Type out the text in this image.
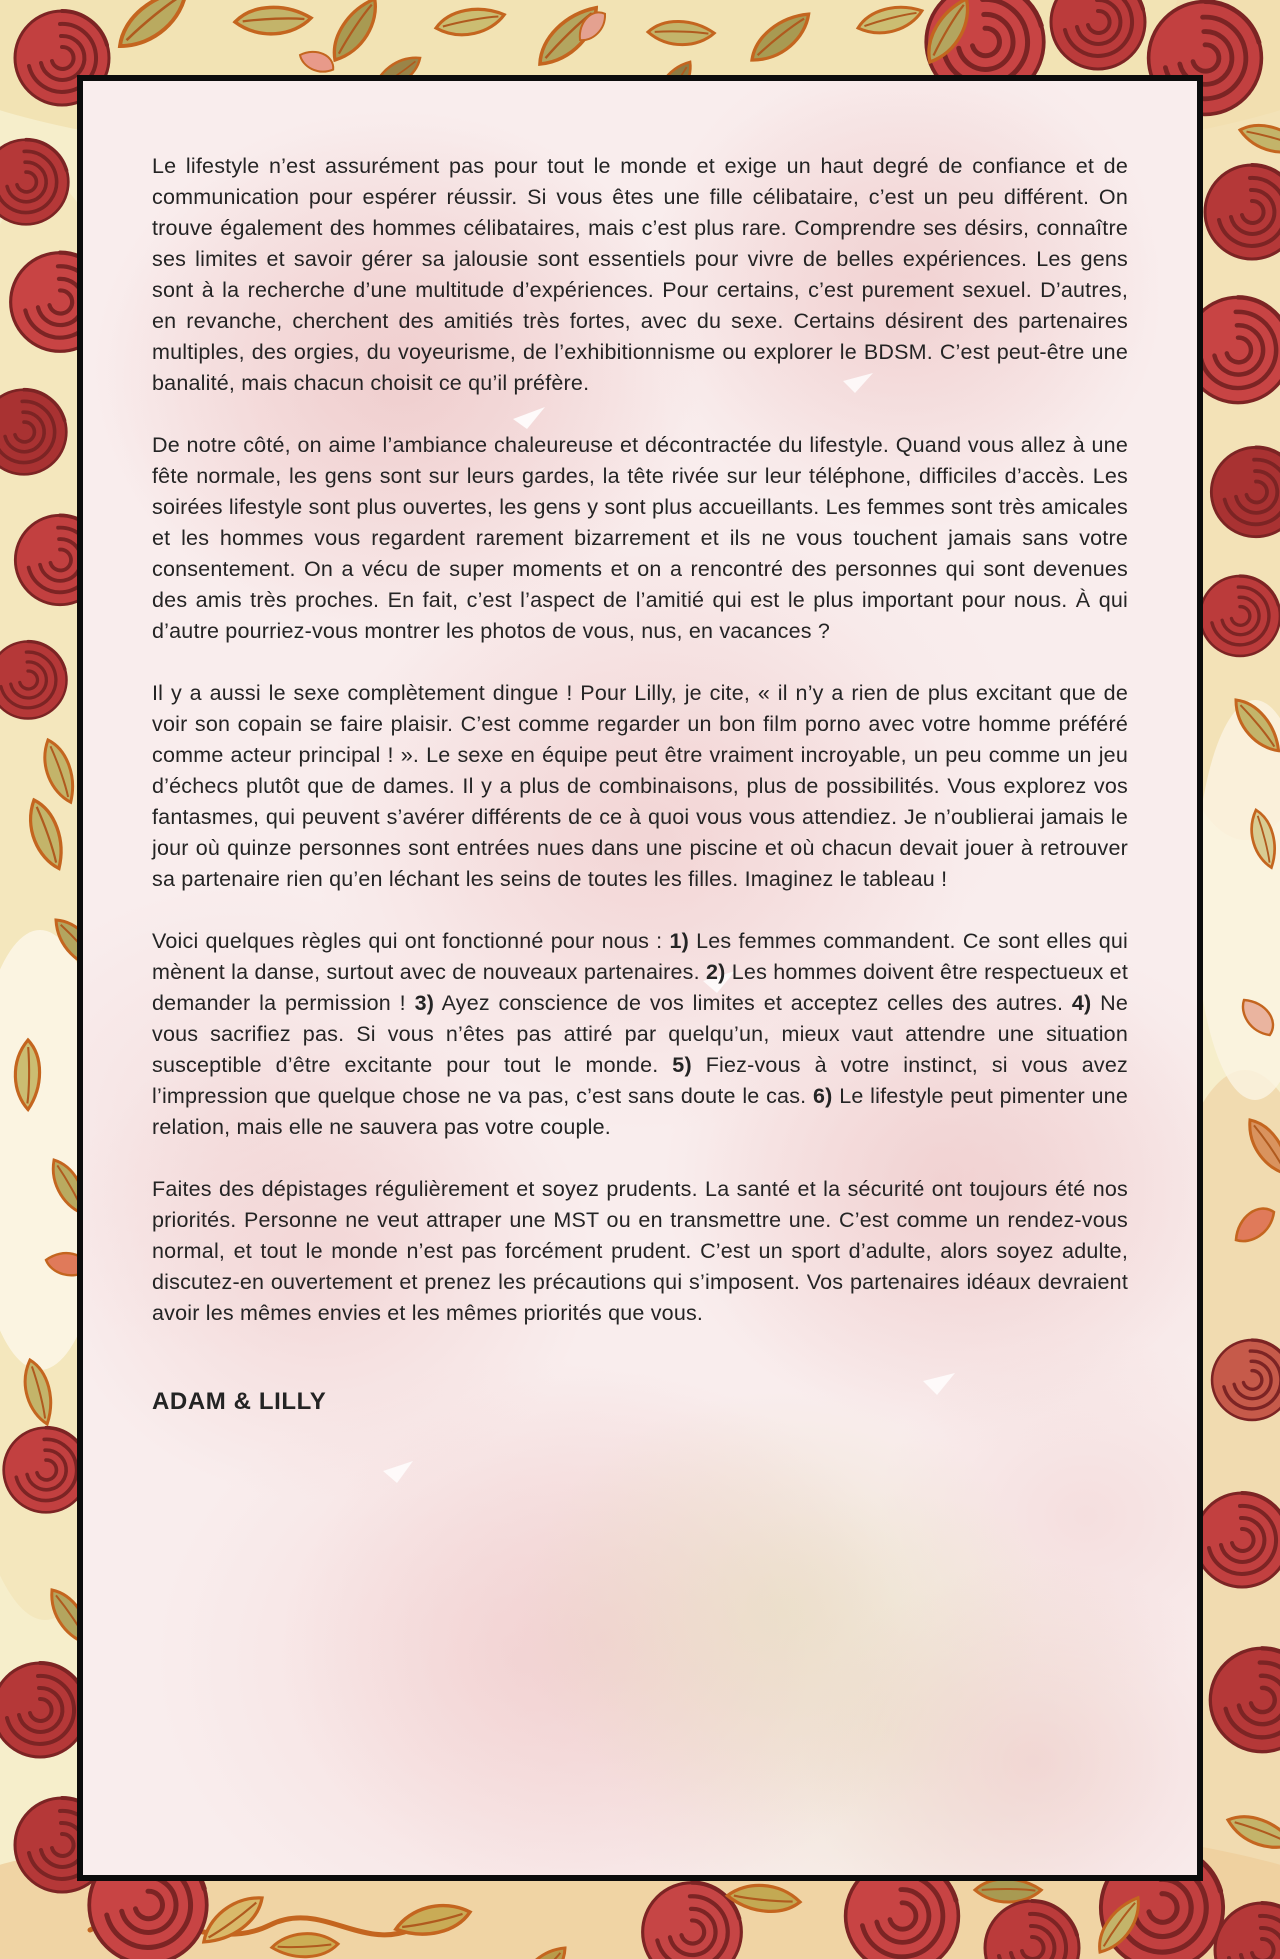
Le lifestyle n’est assurément pas pour tout le monde et exige un haut degré de confiance et de communication pour espérer réussir. Si vous êtes une fille célibataire, c’est un peu différent. On trouve également des hommes célibataires, mais c’est plus rare. Comprendre ses désirs, connaître ses limites et savoir gérer sa jalousie sont essentiels pour vivre de belles expériences. Les gens sont à la recherche d’une multitude d’expériences. Pour certains, c’est purement sexuel. D’autres, en revanche, cherchent des amitiés très fortes, avec du sexe. Certains désirent des partenaires multiples, des orgies, du voyeurisme, de l’exhibitionnisme ou explorer le BDSM. C’est peut-être une banalité, mais chacun choisit ce qu’il préfère.

De notre côté, on aime l’ambiance chaleureuse et décontractée du lifestyle. Quand vous allez à une fête normale, les gens sont sur leurs gardes, la tête rivée sur leur téléphone, difficiles d’accès. Les soirées lifestyle sont plus ouvertes, les gens y sont plus accueillants. Les femmes sont très amicales et les hommes vous regardent rarement bizarrement et ils ne vous touchent jamais sans votre consentement. On a vécu de super moments et on a rencontré des personnes qui sont devenues des amis très proches. En fait, c’est l’aspect de l’amitié qui est le plus important pour nous. À qui d’autre pourriez-vous montrer les photos de vous, nus, en vacances ?

Il y a aussi le sexe complètement dingue ! Pour Lilly, je cite, « il n’y a rien de plus excitant que de voir son copain se faire plaisir. C’est comme regarder un bon film porno avec votre homme préféré comme acteur principal ! ». Le sexe en équipe peut être vraiment incroyable, un peu comme un jeu d’échecs plutôt que de dames. Il y a plus de combinaisons, plus de possibilités. Vous explorez vos fantasmes, qui peuvent s’avérer différents de ce à quoi vous vous attendiez. Je n’oublierai jamais le jour où quinze personnes sont entrées nues dans une piscine et où chacun devait jouer à retrouver sa partenaire rien qu’en léchant les seins de toutes les filles. Imaginez le tableau !

Voici quelques règles qui ont fonctionné pour nous : 1) Les femmes commandent. Ce sont elles qui mènent la danse, surtout avec de nouveaux partenaires. 2) Les hommes doivent être respectueux et demander la permission ! 3) Ayez conscience de vos limites et acceptez celles des autres. 4) Ne vous sacrifiez pas. Si vous n’êtes pas attiré par quelqu’un, mieux vaut attendre une situation susceptible d’être excitante pour tout le monde. 5) Fiez-vous à votre instinct, si vous avez l’impression que quelque chose ne va pas, c’est sans doute le cas. 6) Le lifestyle peut pimenter une relation, mais elle ne sauvera pas votre couple.

Faites des dépistages régulièrement et soyez prudents. La santé et la sécurité ont toujours été nos priorités. Personne ne veut attraper une MST ou en transmettre une. C’est comme un rendez-vous normal, et tout le monde n’est pas forcément prudent. C’est un sport d’adulte, alors soyez adulte, discutez-en ouvertement et prenez les précautions qui s’imposent. Vos partenaires idéaux devraient avoir les mêmes envies et les mêmes priorités que vous.

ADAM & LILLY
